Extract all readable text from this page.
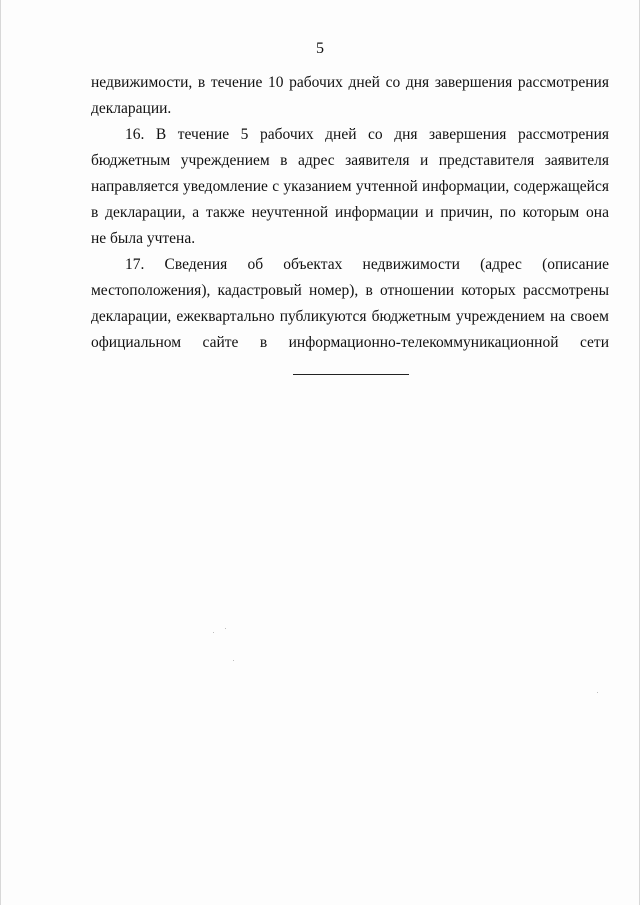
5
недвижимости, в течение 10 рабочих дней со дня завершения рассмотрения
декларации.
16. В течение 5 рабочих дней со дня завершения рассмотрения
бюджетным учреждением в адрес заявителя и представителя заявителя
направляется уведомление с указанием учтенной информации, содержащейся
в декларации, а также неучтенной информации и причин, по которым она
не была учтена.
17. Сведения об объектах недвижимости (адрес (описание
местоположения), кадастровый номер), в отношении которых рассмотрены
декларации, ежеквартально публикуются бюджетным учреждением на своем
официальном сайте в информационно-телекоммуникационной сети
